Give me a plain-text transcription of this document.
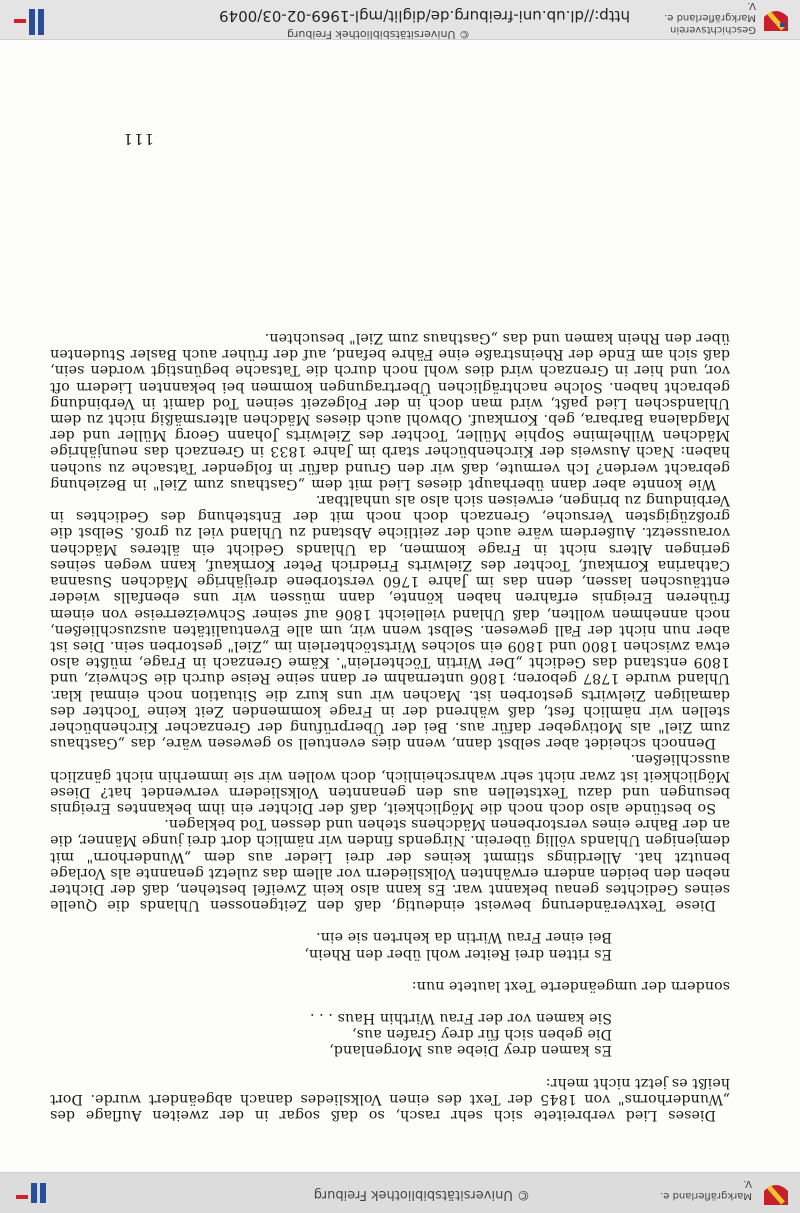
© Universitätsbibliothek Freiburg	Markgräflerland e. V.

Dieses Lied verbreitete sich sehr rasch, so daß sogar in der zweiten Auflage des „Wunderhorns" von 1845 der Text des einen Volksliedes danach abgeändert wurde. Dort heißt es jetzt nicht mehr:

Es kamen drey Diebe aus Morgenland,
Die geben sich für drey Grafen aus,
Sie kamen vor der Frau Wirthin Haus . . .

sondern der umgeänderte Text lautete nun:

Es ritten drei Reiter wohl über den Rhein,
Bei einer Frau Wirtin da kehrten sie ein.

Diese Textveränderung beweist eindeutig, daß den Zeitgenossen Uhlands die Quelle seines Gedichtes genau bekannt war. Es kann also kein Zweifel bestehen, daß der Dichter neben den beiden andern erwähnten Volksliedern vor allem das zuletzt genannte als Vorlage benutzt hat. Allerdings stimmt keines der drei Lieder aus dem „Wunderhorn" mit demjenigen Uhlands völlig überein. Nirgends finden wir nämlich dort drei junge Männer, die an der Bahre eines verstorbenen Mädchens stehen und dessen Tod beklagen.

So bestünde also doch noch die Möglichkeit, daß der Dichter ein ihm bekanntes Ereignis besungen und dazu Textstellen aus den genannten Volksliedern verwendet hat? Diese Möglichkeit ist zwar nicht sehr wahrscheinlich, doch wollen wir sie immerhin nicht gänzlich ausschließen.

Dennoch scheidet aber selbst dann, wenn dies eventuell so gewesen wäre, das „Gasthaus zum Ziel" als Motivgeber dafür aus. Bei der Überprüfung der Grenzacher Kirchenbücher stellen wir nämlich fest, daß während der in Frage kommenden Zeit keine Tochter des damaligen Zielwirts gestorben ist. Machen wir uns kurz die Situation noch einmal klar. Uhland wurde 1787 geboren; 1806 unternahm er dann seine Reise durch die Schweiz, und 1809 entstand das Gedicht „Der Wirtin Töchterlein". Käme Grenzach in Frage, müßte also etwa zwischen 1800 und 1809 ein solches Wirtstöchterlein im „Ziel" gestorben sein. Dies ist aber nun nicht der Fall gewesen. Selbst wenn wir, um alle Eventualitäten auszuschließen, noch annehmen wollten, daß Uhland vielleicht 1806 auf seiner Schweizerreise von einem früheren Ereignis erfahren haben könnte, dann müssen wir uns ebenfalls wieder enttäuschen lassen, denn das im Jahre 1760 verstorbene dreijährige Mädchen Susanna Catharina Kornkauf, Tochter des Zielwirts Friedrich Peter Kornkauf, kann wegen seines geringen Alters nicht in Frage kommen, da Uhlands Gedicht ein älteres Mädchen voraussetzt. Außerdem wäre auch der zeitliche Abstand zu Uhland viel zu groß. Selbst die großzügigsten Versuche, Grenzach doch noch mit der Entstehung des Gedichtes in Verbindung zu bringen, erweisen sich also als unhaltbar.

Wie konnte aber dann überhaupt dieses Lied mit dem „Gasthaus zum Ziel" in Beziehung gebracht werden? Ich vermute, daß wir den Grund dafür in folgender Tatsache zu suchen haben: Nach Ausweis der Kirchenbücher starb im Jahre 1833 in Grenzach das neunjährige Mädchen Wilhelmine Sophie Müller, Tochter des Zielwirts Johann Georg Müller und der Magdalena Barbara, geb. Kornkauf. Obwohl auch dieses Mädchen altersmäßig nicht zu dem Uhlandschen Lied paßt, wird man doch in der Folgezeit seinen Tod damit in Verbindung gebracht haben. Solche nachträglichen Übertragungen kommen bei bekannten Liedern oft vor, und hier in Grenzach wird dies wohl noch durch die Tatsache begünstigt worden sein, daß sich am Ende der Rheinstraße eine Fähre befand, auf der früher auch Basler Studenten über den Rhein kamen und das „Gasthaus zum Ziel" besuchten.

111
Geschichtsverein
Markgräflerland e. V.
http://dl.ub.uni-freiburg.de/diglit/mgl-1969-02-03/0049
© Universitätsbibliothek Freiburg
